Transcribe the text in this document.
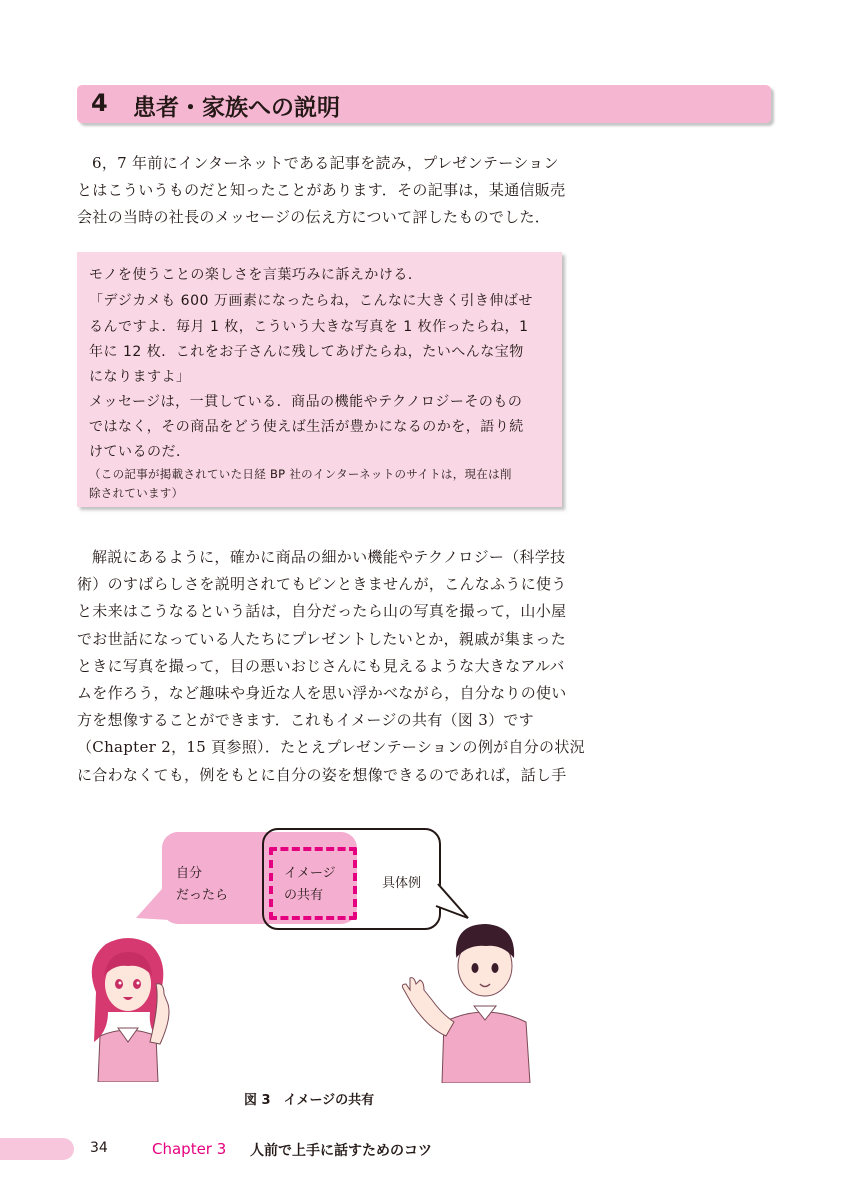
4 患者・家族への説明
6，7 年前にインターネットである記事を読み，プレゼンテーション
とはこういうものだと知ったことがあります．その記事は，某通信販売
会社の当時の社長のメッセージの伝え方について評したものでした．
モノを使うことの楽しさを言葉巧みに訴えかける．
「デジカメも 600 万画素になったらね，こんなに大きく引き伸ばせ
るんですよ．毎月 1 枚，こういう大きな写真を 1 枚作ったらね，1
年に 12 枚．これをお子さんに残してあげたらね，たいへんな宝物
になりますよ」
メッセージは，一貫している．商品の機能やテクノロジーそのもの
ではなく，その商品をどう使えば生活が豊かになるのかを，語り続
けているのだ．
（この記事が掲載されていた日経 BP 社のインターネットのサイトは，現在は削
除されています）
解説にあるように，確かに商品の細かい機能やテクノロジー（科学技
術）のすばらしさを説明されてもピンときませんが，こんなふうに使う
と未来はこうなるという話は，自分だったら山の写真を撮って，山小屋
でお世話になっている人たちにプレゼントしたいとか，親戚が集まった
ときに写真を撮って，目の悪いおじさんにも見えるような大きなアルバ
ムを作ろう，など趣味や身近な人を思い浮かべながら，自分なりの使い
方を想像することができます．これもイメージの共有（図 3）です
（Chapter 2，15 頁参照）．たとえプレゼンテーションの例が自分の状況
に合わなくても，例をもとに自分の姿を想像できるのであれば，話し手
自分
だったら
イメージ
の共有
具体例
図 3　イメージの共有
34	Chapter 3 人前で上手に話すためのコツ
